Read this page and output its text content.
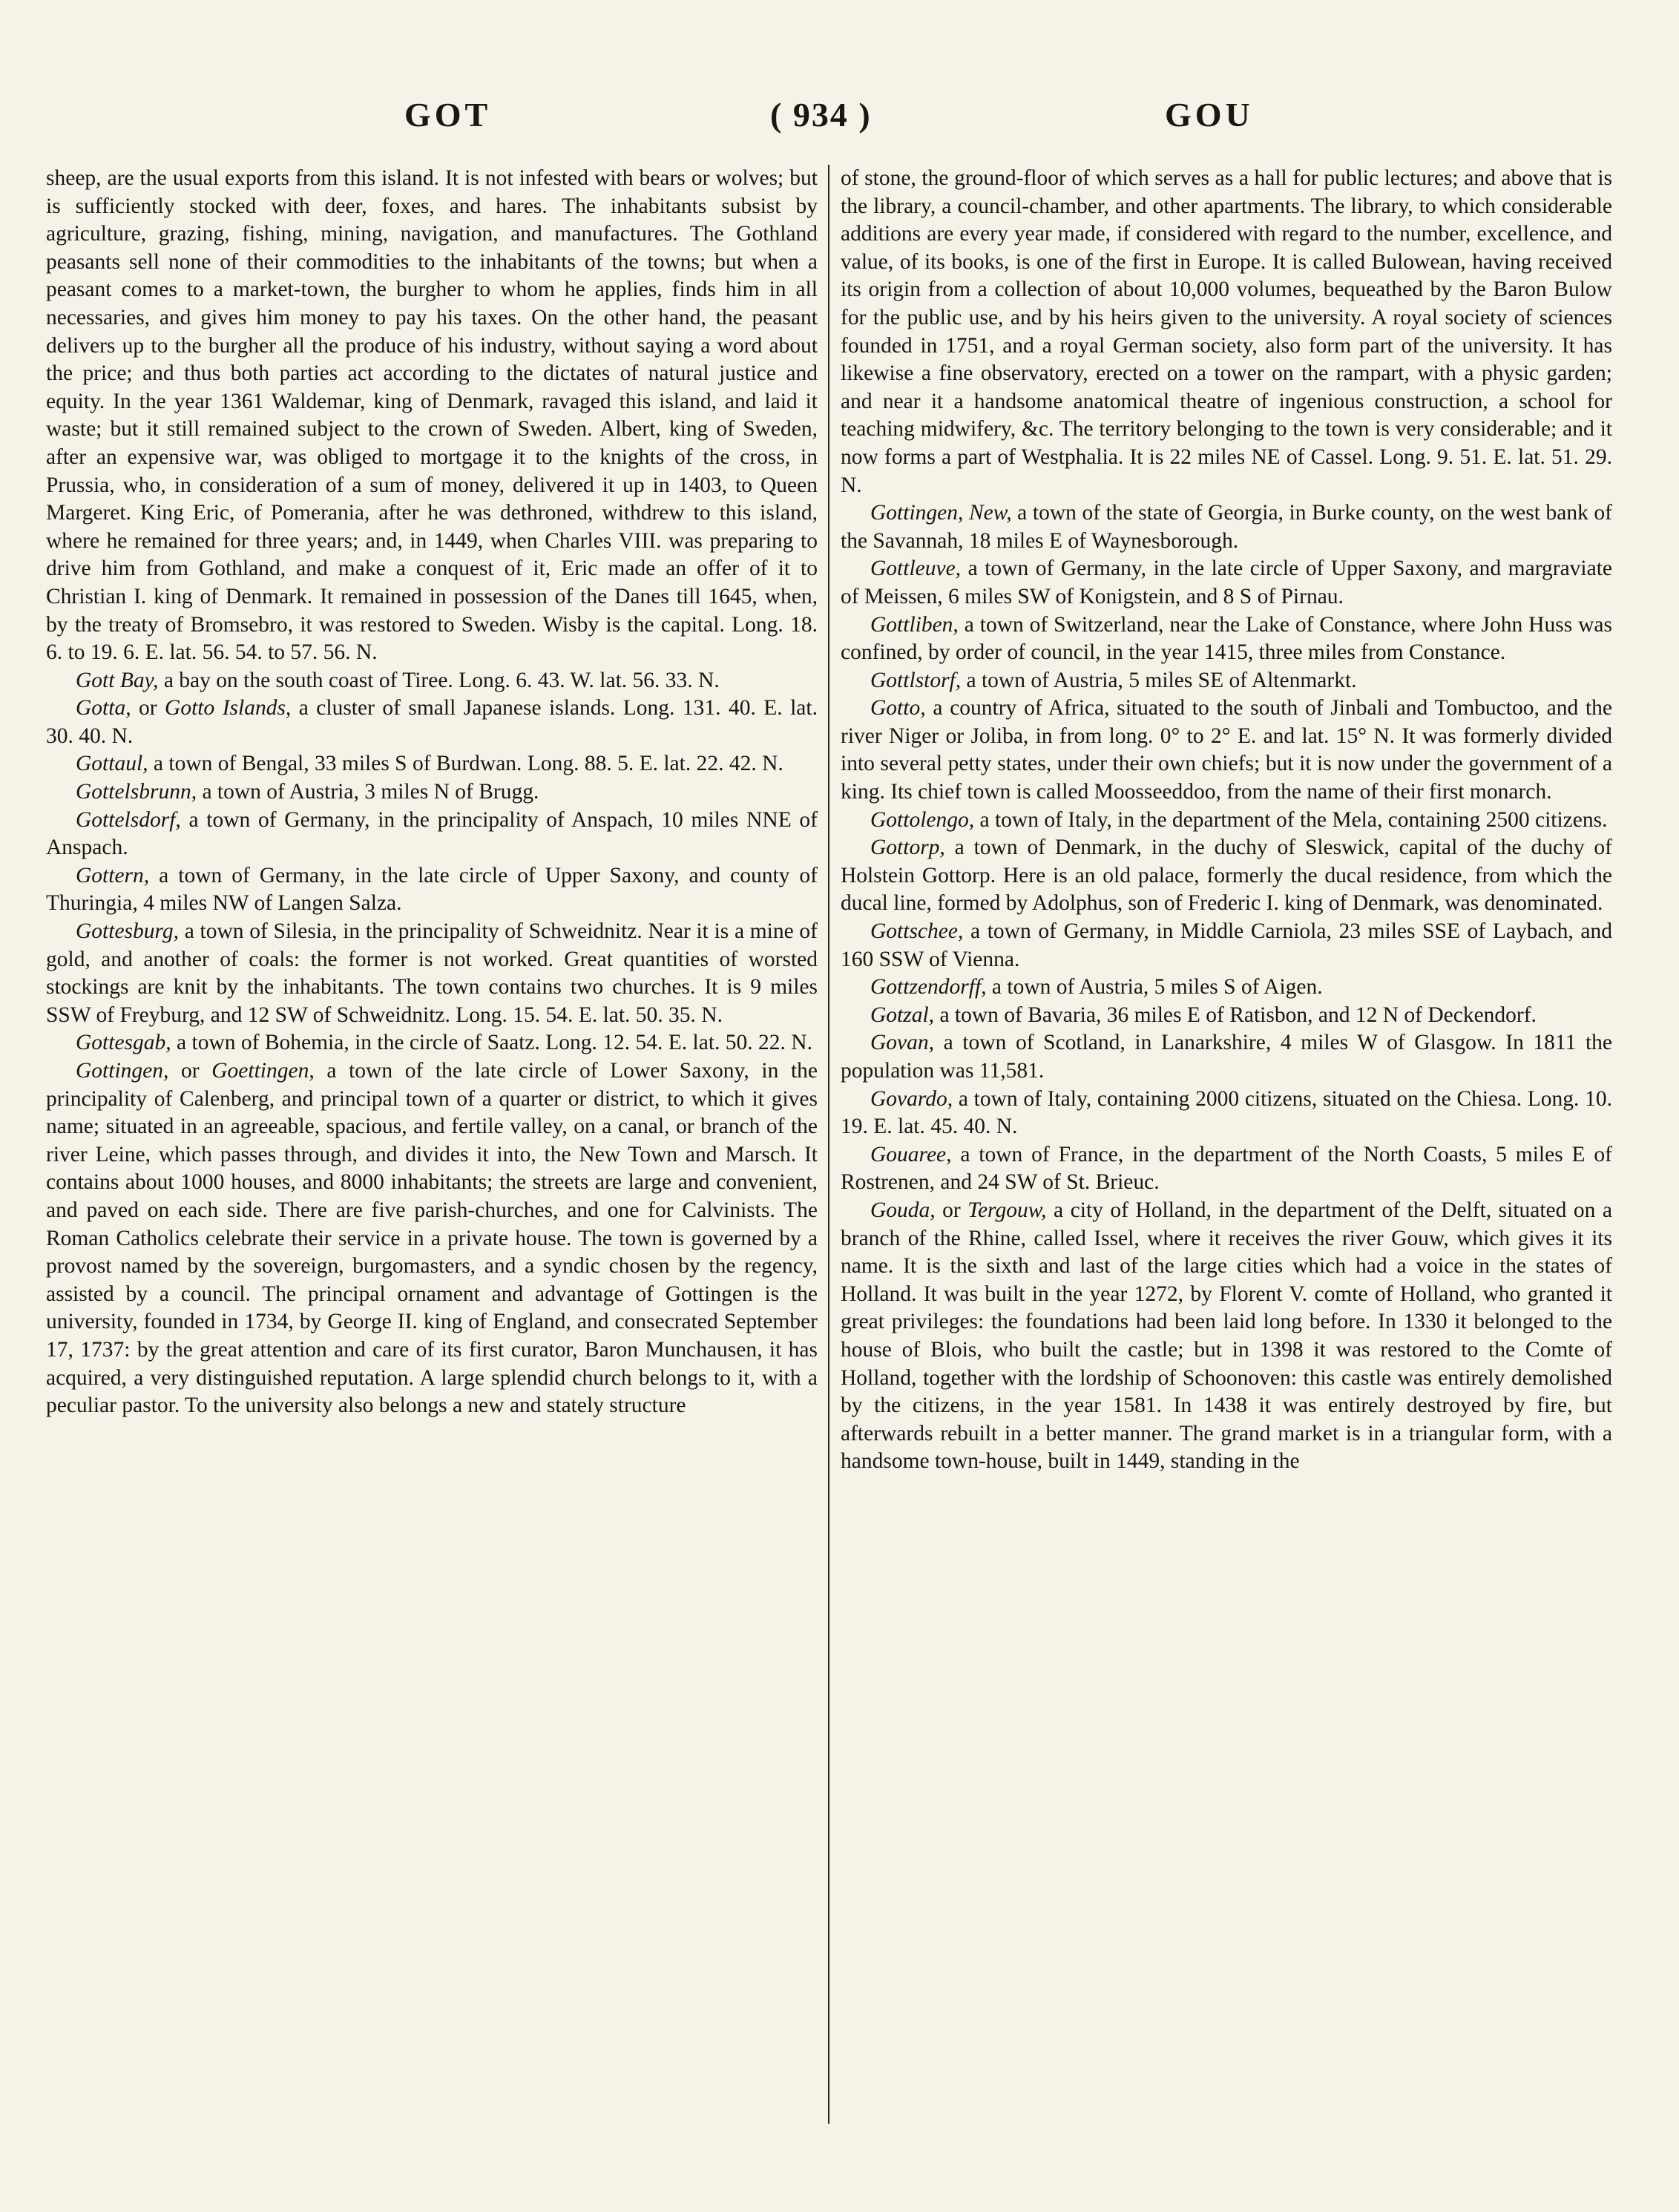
GOT	( 934 )	GOU

sheep, are the usual exports from this island. It is not infested with bears or wolves; but is sufficiently stocked with deer, foxes, and hares. The inhabitants subsist by agriculture, grazing, fishing, mining, navigation, and manufactures. The Gothland peasants sell none of their commodities to the inhabitants of the towns; but when a peasant comes to a market-town, the burgher to whom he applies, finds him in all necessaries, and gives him money to pay his taxes. On the other hand, the peasant delivers up to the burgher all the produce of his industry, without saying a word about the price; and thus both parties act according to the dictates of natural justice and equity. In the year 1361 Waldemar, king of Denmark, ravaged this island, and laid it waste; but it still remained subject to the crown of Sweden. Albert, king of Sweden, after an expensive war, was obliged to mortgage it to the knights of the cross, in Prussia, who, in consideration of a sum of money, delivered it up in 1403, to Queen Margeret. King Eric, of Pomerania, after he was dethroned, withdrew to this island, where he remained for three years; and, in 1449, when Charles VIII. was preparing to drive him from Gothland, and make a conquest of it, Eric made an offer of it to Christian I. king of Denmark. It remained in possession of the Danes till 1645, when, by the treaty of Bromsebro, it was restored to Sweden. Wisby is the capital. Long. 18. 6. to 19. 6. E. lat. 56. 54. to 57. 56. N.

Gott Bay, a bay on the south coast of Tiree. Long. 6. 43. W. lat. 56. 33. N.

Gotta, or Gotto Islands, a cluster of small Japanese islands. Long. 131. 40. E. lat. 30. 40. N.

Gottaul, a town of Bengal, 33 miles S of Burdwan. Long. 88. 5. E. lat. 22. 42. N.

Gottelsbrunn, a town of Austria, 3 miles N of Brugg.

Gottelsdorf, a town of Germany, in the principality of Anspach, 10 miles NNE of Anspach.

Gottern, a town of Germany, in the late circle of Upper Saxony, and county of Thuringia, 4 miles NW of Langen Salza.

Gottesburg, a town of Silesia, in the principality of Schweidnitz. Near it is a mine of gold, and another of coals: the former is not worked. Great quantities of worsted stockings are knit by the inhabitants. The town contains two churches. It is 9 miles SSW of Freyburg, and 12 SW of Schweidnitz. Long. 15. 54. E. lat. 50. 35. N.

Gottesgab, a town of Bohemia, in the circle of Saatz. Long. 12. 54. E. lat. 50. 22. N.

Gottingen, or Goettingen, a town of the late circle of Lower Saxony, in the principality of Calenberg, and principal town of a quarter or district, to which it gives name; situated in an agreeable, spacious, and fertile valley, on a canal, or branch of the river Leine, which passes through, and divides it into, the New Town and Marsch. It contains about 1000 houses, and 8000 inhabitants; the streets are large and convenient, and paved on each side. There are five parish-churches, and one for Calvinists. The Roman Catholics celebrate their service in a private house. The town is governed by a provost named by the sovereign, burgomasters, and a syndic chosen by the regency, assisted by a council. The principal ornament and advantage of Gottingen is the university, founded in 1734, by George II. king of England, and consecrated September 17, 1737: by the great attention and care of its first curator, Baron Munchausen, it has acquired, a very distinguished reputation. A large splendid church belongs to it, with a peculiar pastor. To the university also belongs a new and stately structure

of stone, the ground-floor of which serves as a hall for public lectures; and above that is the library, a council-chamber, and other apartments. The library, to which considerable additions are every year made, if considered with regard to the number, excellence, and value, of its books, is one of the first in Europe. It is called Bulowean, having received its origin from a collection of about 10,000 volumes, bequeathed by the Baron Bulow for the public use, and by his heirs given to the university. A royal society of sciences founded in 1751, and a royal German society, also form part of the university. It has likewise a fine observatory, erected on a tower on the rampart, with a physic garden; and near it a handsome anatomical theatre of ingenious construction, a school for teaching midwifery, &c. The territory belonging to the town is very considerable; and it now forms a part of Westphalia. It is 22 miles NE of Cassel. Long. 9. 51. E. lat. 51. 29. N.

Gottingen, New, a town of the state of Georgia, in Burke county, on the west bank of the Savannah, 18 miles E of Waynesborough.

Gottleuve, a town of Germany, in the late circle of Upper Saxony, and margraviate of Meissen, 6 miles SW of Konigstein, and 8 S of Pirnau.

Gottliben, a town of Switzerland, near the Lake of Constance, where John Huss was confined, by order of council, in the year 1415, three miles from Constance.

Gottlstorf, a town of Austria, 5 miles SE of Altenmarkt.

Gotto, a country of Africa, situated to the south of Jinbali and Tombuctoo, and the river Niger or Joliba, in from long. 0° to 2° E. and lat. 15° N. It was formerly divided into several petty states, under their own chiefs; but it is now under the government of a king. Its chief town is called Moosseeddoo, from the name of their first monarch.

Gottolengo, a town of Italy, in the department of the Mela, containing 2500 citizens.

Gottorp, a town of Denmark, in the duchy of Sleswick, capital of the duchy of Holstein Gottorp. Here is an old palace, formerly the ducal residence, from which the ducal line, formed by Adolphus, son of Frederic I. king of Denmark, was denominated.

Gottschee, a town of Germany, in Middle Carniola, 23 miles SSE of Laybach, and 160 SSW of Vienna.

Gottzendorff, a town of Austria, 5 miles S of Aigen.

Gotzal, a town of Bavaria, 36 miles E of Ratisbon, and 12 N of Deckendorf.

Govan, a town of Scotland, in Lanarkshire, 4 miles W of Glasgow. In 1811 the population was 11,581.

Govardo, a town of Italy, containing 2000 citizens, situated on the Chiesa. Long. 10. 19. E. lat. 45. 40. N.

Gouaree, a town of France, in the department of the North Coasts, 5 miles E of Rostrenen, and 24 SW of St. Brieuc.

Gouda, or Tergouw, a city of Holland, in the department of the Delft, situated on a branch of the Rhine, called Issel, where it receives the river Gouw, which gives it its name. It is the sixth and last of the large cities which had a voice in the states of Holland. It was built in the year 1272, by Florent V. comte of Holland, who granted it great privileges: the foundations had been laid long before. In 1330 it belonged to the house of Blois, who built the castle; but in 1398 it was restored to the Comte of Holland, together with the lordship of Schoonoven: this castle was entirely demolished by the citizens, in the year 1581. In 1438 it was entirely destroyed by fire, but afterwards rebuilt in a better manner. The grand market is in a triangular form, with a handsome town-house, built in 1449, standing in the
